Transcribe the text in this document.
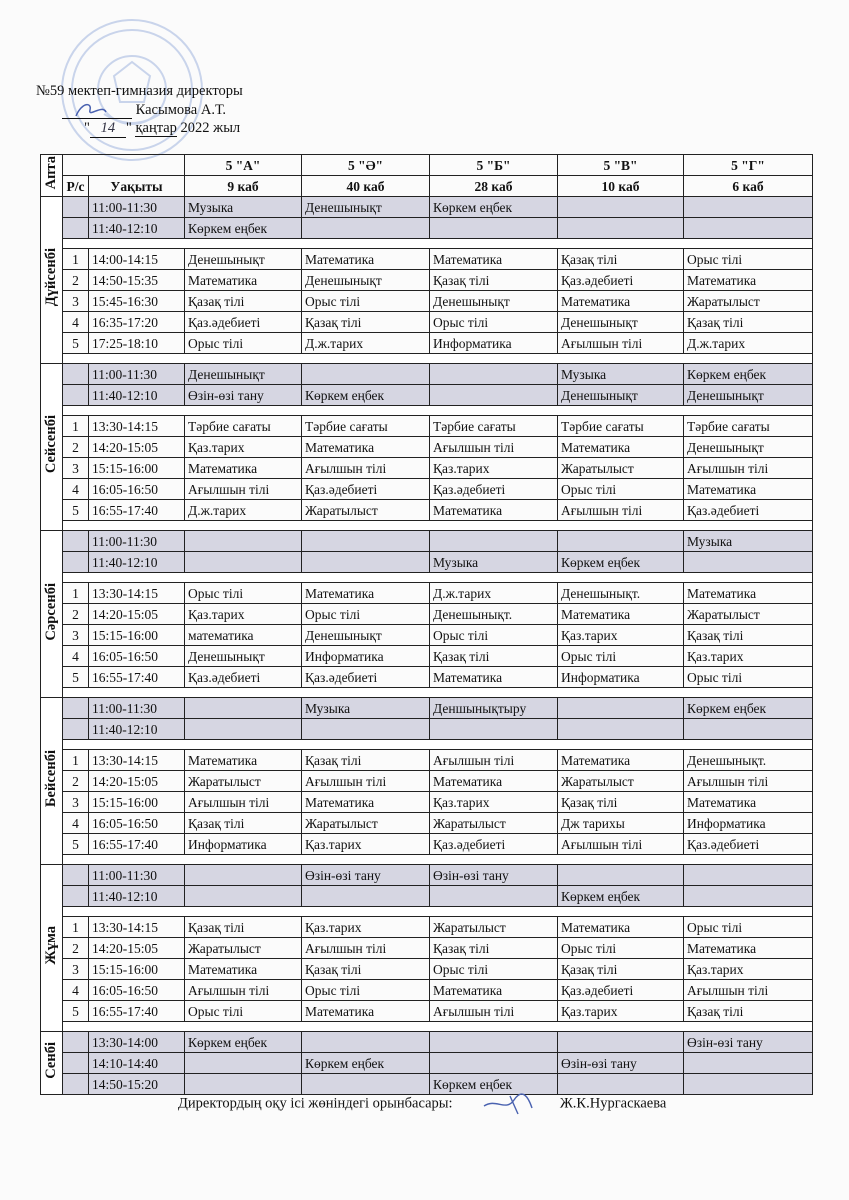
№59 мектеп-гимназия директоры
Касымова А.Т.
" 14 " қаңтар 2022 жыл
Апта			5 "А"	5 "Ә"	5 "Б"	5 "В"	5 "Г"
	Р/с	Уақыты	9 каб	40 каб	28 каб	10 каб	6 каб
Дүйсенбі		11:00-11:30	Музыка	Денешынықт	Көркем еңбек		
		11:40-12:10	Көркем еңбек				

	1	14:00-14:15	Денешынықт	Математика	Математика	Қазақ тілі	Орыс тілі
	2	14:50-15:35	Математика	Денешынықт	Қазақ тілі	Қаз.әдебиеті	Математика
	3	15:45-16:30	Қазақ тілі	Орыс тілі	Денешынықт	Математика	Жаратылыст
	4	16:35-17:20	Қаз.әдебиеті	Қазақ тілі	Орыс тілі	Денешынықт	Қазақ тілі
	5	17:25-18:10	Орыс тілі	Д.ж.тарих	Информатика	Ағылшын тілі	Д.ж.тарих

Сейсенбі		11:00-11:30	Денешынықт			Музыка	Көркем еңбек
		11:40-12:10	Өзін-өзі тану	Көркем еңбек		Денешынықт	Денешынықт

	1	13:30-14:15	Тәрбие сағаты	Тәрбие сағаты	Тәрбие сағаты	Тәрбие сағаты	Тәрбие сағаты
	2	14:20-15:05	Қаз.тарих	Математика	Ағылшын тілі	Математика	Денешынықт
	3	15:15-16:00	Математика	Ағылшын тілі	Қаз.тарих	Жаратылыст	Ағылшын тілі
	4	16:05-16:50	Ағылшын тілі	Қаз.әдебиеті	Қаз.әдебиеті	Орыс тілі	Математика
	5	16:55-17:40	Д.ж.тарих	Жаратылыст	Математика	Ағылшын тілі	Қаз.әдебиеті

Сәрсенбі		11:00-11:30					Музыка
		11:40-12:10			Музыка	Көркем еңбек	

	1	13:30-14:15	Орыс тілі	Математика	Д.ж.тарих	Денешынықт.	Математика
	2	14:20-15:05	Қаз.тарих	Орыс тілі	Денешынықт.	Математика	Жаратылыст
	3	15:15-16:00	математика	Денешынықт	Орыс тілі	Қаз.тарих	Қазақ тілі
	4	16:05-16:50	Денешынықт	Информатика	Қазақ тілі	Орыс тілі	Қаз.тарих
	5	16:55-17:40	Қаз.әдебиеті	Қаз.әдебиеті	Математика	Информатика	Орыс тілі

Бейсенбі		11:00-11:30		Музыка	Деншынықтыру		Көркем еңбек
		11:40-12:10					

	1	13:30-14:15	Математика	Қазақ тілі	Ағылшын тілі	Математика	Денешынықт.
	2	14:20-15:05	Жаратылыст	Ағылшын тілі	Математика	Жаратылыст	Ағылшын тілі
	3	15:15-16:00	Ағылшын тілі	Математика	Қаз.тарих	Қазақ тілі	Математика
	4	16:05-16:50	Қазақ тілі	Жаратылыст	Жаратылыст	Дж тарихы	Информатика
	5	16:55-17:40	Информатика	Қаз.тарих	Қаз.әдебиеті	Ағылшын тілі	Қаз.әдебиеті

Жұма		11:00-11:30		Өзін-өзі тану	Өзін-өзі тану		
		11:40-12:10				Көркем еңбек	

	1	13:30-14:15	Қазақ тілі	Қаз.тарих	Жаратылыст	Математика	Орыс тілі
	2	14:20-15:05	Жаратылыст	Ағылшын тілі	Қазақ тілі	Орыс тілі	Математика
	3	15:15-16:00	Математика	Қазақ тілі	Орыс тілі	Қазақ тілі	Қаз.тарих
	4	16:05-16:50	Ағылшын тілі	Орыс тілі	Математика	Қаз.әдебиеті	Ағылшын тілі
	5	16:55-17:40	Орыс тілі	Математика	Ағылшын тілі	Қаз.тарих	Қазақ тілі

Сенбі		13:30-14:00	Көркем еңбек				Өзін-өзі тану
		14:10-14:40		Көркем еңбек		Өзін-өзі тану	
		14:50-15:20			Көркем еңбек		
Директордың оқу ісі жөніндегі орынбасары:	Ж.К.Нургаскаева
